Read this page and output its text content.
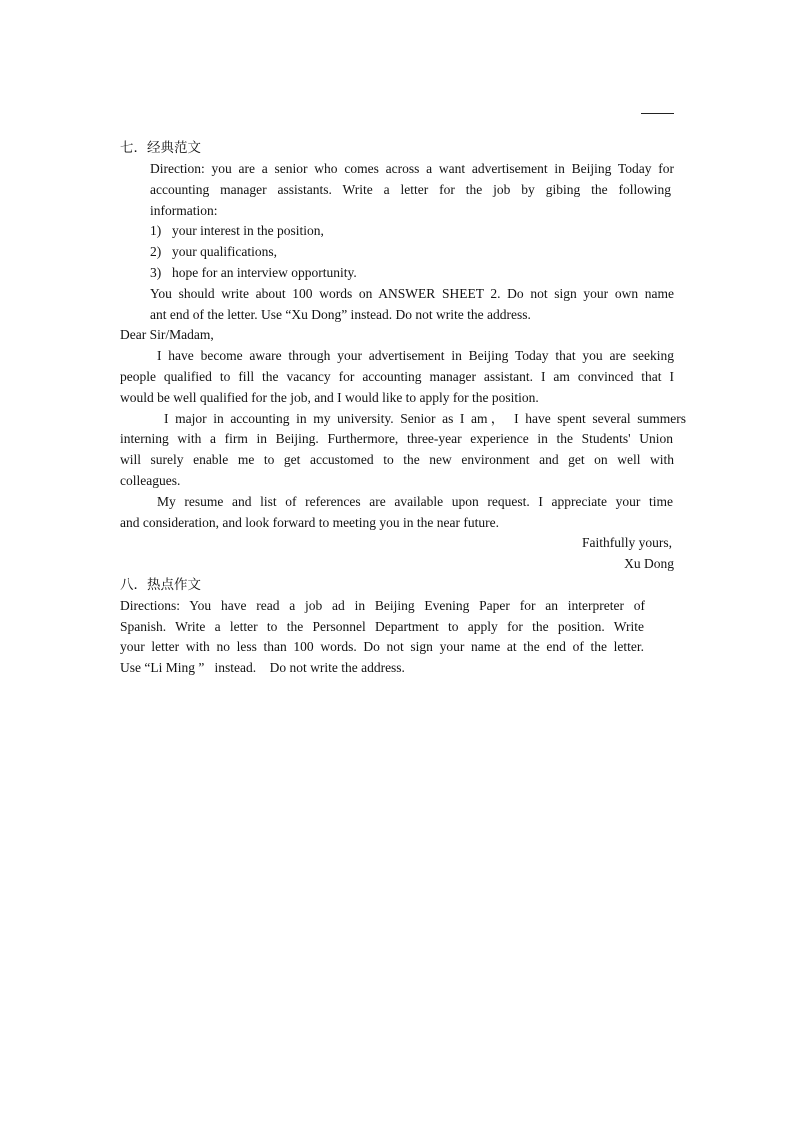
七．经典范文
Direction: you are a senior who comes across a want advertisement in Beijing Today for
accounting manager assistants. Write a letter for the job by gibing the following
information:
1) your interest in the position,
2) your qualifications,
3) hope for an interview opportunity.
You should write about 100 words on ANSWER SHEET 2. Do not sign your own name
ant end of the letter. Use “Xu Dong” instead. Do not write the address.
Dear Sir/Madam,
I have become aware through your advertisement in Beijing Today that you are seeking
people qualified to fill the vacancy for accounting manager assistant. I am convinced that I
would be well qualified for the job, and I would like to apply for the position.
I major in accounting in my university. Senior as I am， I have spent several summers
interning with a firm in Beijing. Furthermore, three-year experience in the Students' Union
will surely enable me to get accustomed to the new environment and get on well with
colleagues.
My resume and list of references are available upon request. I appreciate your time
and consideration, and look forward to meeting you in the near future.
Faithfully yours,
Xu Dong
八．热点作文
Directions: You have read a job ad in Beijing Evening Paper for an interpreter of
Spanish. Write a letter to the Personnel Department to apply for the position. Write
your letter with no less than 100 words. Do not sign your name at the end of the letter.
Use “Li Ming ”   instead.    Do not write the address.
